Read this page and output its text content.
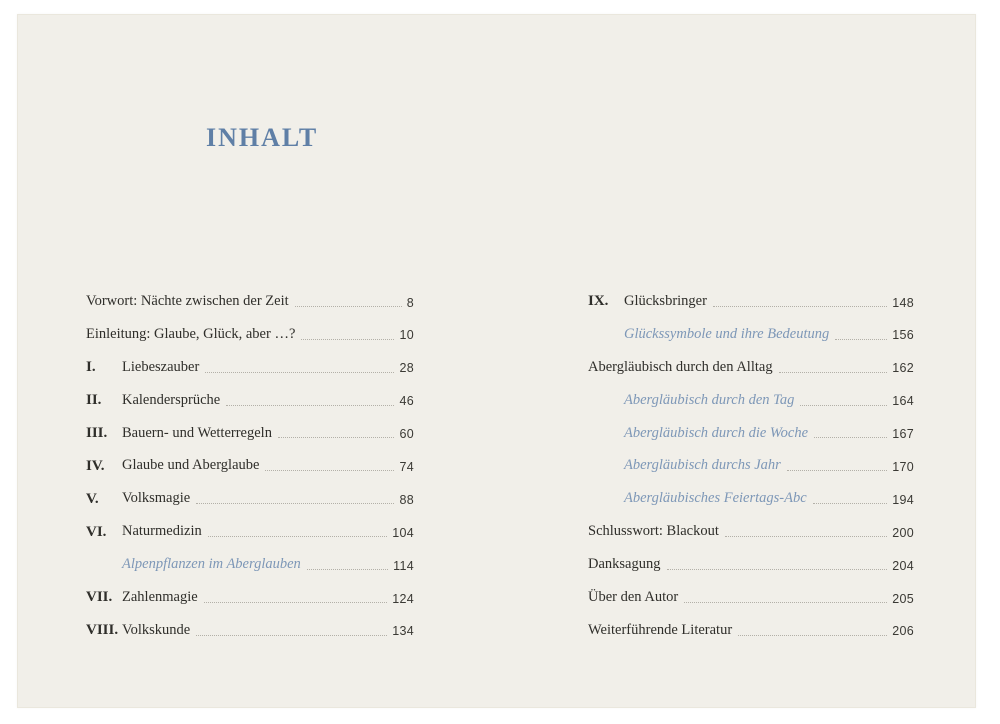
INHALT
Vorwort: Nächte zwischen der Zeit	8
Einleitung: Glaube, Glück, aber …?	10
I.	Liebeszauber	28
II.	Kalendersprüche	46
III.	Bauern- und Wetterregeln	60
IV.	Glaube und Aberglaube	74
V.	Volksmagie	88
VI.	Naturmedizin	104
Alpenpflanzen im Aberglauben	114
VII. Zahlenmagie	124
VIII. Volkskunde	134
IX.	Glücksbringer	148
Glückssymbole und ihre Bedeutung	156
Abergläubisch durch den Alltag	162
Abergläubisch durch den Tag	164
Abergläubisch durch die Woche	167
Abergläubisch durchs Jahr	170
Abergläubisches Feiertags-Abc	194
Schlusswort: Blackout	200
Danksagung	204
Über den Autor	205
Weiterführende Literatur	206
